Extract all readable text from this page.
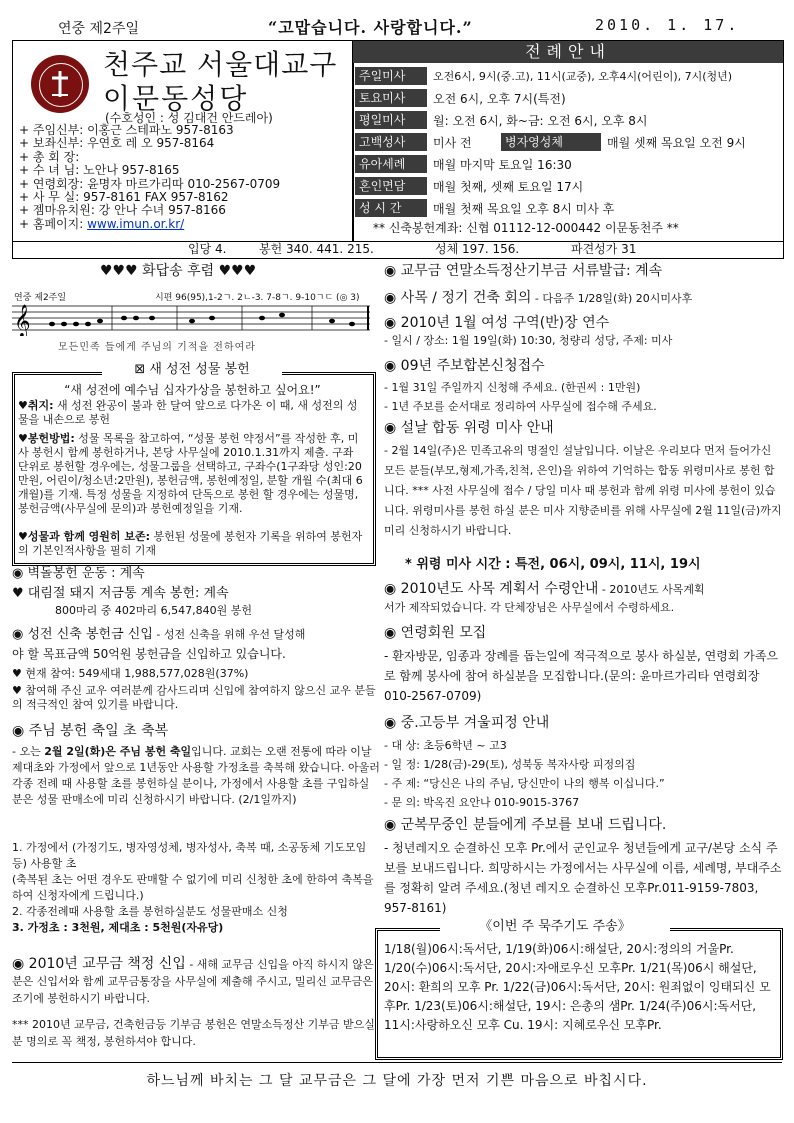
연중 제2주일	“고맙습니다. 사랑합니다.”	2010. 1. 17.
천주교 서울대교구
이문동성당
(수호성인 : 성 김대건 안드레아)
+ 주임신부: 이홍근 스테파노 957-8163
+ 보좌신부: 우연호 레 오 957-8164
+ 총 회 장:
+ 수 녀 님: 노안나 957-8165
+ 연령회장: 윤명자 마르가리따 010-2567-0709
+ 사 무 실: 957-8161 FAX 957-8162
+ 젬마유치원: 강 안나 수녀 957-8166
+ 홈페이지: www.imun.or.kr/
전례안내
주일미사	오전6시, 9시(중.고), 11시(교중), 오후4시(어린이), 7시(청년)
토요미사	오전 6시, 오후 7시(특전)
평일미사	월: 오전 6시, 화~금: 오전 6시, 오후 8시
고백성사	미사 전	병자영성체	매월 셋째 목요일 오전 9시
유아세례	매월 마지막 토요일 16:30
혼인면담	매월 첫째, 셋째 토요일 17시
성 시 간	매월 첫째 목요일 오후 8시 미사 후
** 신축봉헌계좌: 신협 01112-12-000442 이문동천주 **
입당 4.	봉헌 340. 441. 215.	성체 197. 156.	파견성가 31
♥♥♥ 화답송 후렴 ♥♥♥
연중 제2주일	시편 96(95),1-2ㄱ. 2ㄴ-3. 7-8ㄱ. 9-10ㄱㄷ (◎ 3)
𝄞
모든민족 들에게 주님의 기적을 전하여라
⊠ 새 성전 성물 봉헌
“새 성전에 예수님 십자가상을 봉헌하고 싶어요!”
♥취지: 새 성전 완공이 불과 한 달여 앞으로 다가온 이 때, 새 성전의 성물을 내손으로 봉헌
♥봉헌방법: 성물 목록을 참고하여, “성물 봉헌 약정서”를 작성한 후, 미사 봉헌시 함께 봉헌하거나, 본당 사무실에 2010.1.31까지 제출. 구좌 단위로 봉헌할 경우에는, 성물그룹을 선택하고, 구좌수(1구좌당 성인:20만원, 어린이/청소년:2만원), 봉헌금액, 봉헌예정일, 분할 개월 수(최대 6개월)를 기재. 특정 성물을 지정하여 단독으로 봉헌 할 경우에는 성물명, 봉헌금액(사무실에 문의)과 봉헌예정일을 기재.
♥성물과 함께 영원히 보존: 봉헌된 성물에 봉헌자 기록을 위하여 봉헌자의 기본인적사항을 필히 기재
◉ 벽돌봉헌 운동 : 계속
♥ 대림절 돼지 저금통 계속 봉헌: 계속
800마리 중 402마리 6,547,840원 봉헌
◉ 성전 신축 봉헌금 신입 - 성전 신축을 위해 우선 달성해
야 할 목표금액 50억원 봉헌금을 신입하고 있습니다.
♥ 현재 참여: 549세대 1,988,577,028원(37%)
♥ 참여해 주신 교우 여러분께 감사드리며 신입에 참여하지 않으신 교우 분들의 적극적인 참여 있기를 바랍니다.
◉ 주님 봉헌 축일 초 축복
- 오는 2월 2일(화)은 주님 봉헌 축일입니다. 교회는 오랜 전통에 따라 이날 제대초와 가정에서 앞으로 1년동안 사용할 가정초를 축복해 왔습니다. 아울러 각종 전례 때 사용할 초를 봉헌하실 분이나, 가정에서 사용할 초를 구입하실 분은 성물 판매소에 미리 신청하시기 바랍니다. (2/1일까지)
1. 가정에서 (가정기도, 병자영성체, 병자성사, 축복 때, 소공동체 기도모임 등) 사용할 초
(축복된 초는 어떤 경우도 판매할 수 없기에 미리 신청한 초에 한하여 축복을 하여 신청자에게 드립니다.)
2. 각종전례때 사용할 초를 봉헌하실분도 성물판매소 신청
3. 가정초 : 3천원, 제대초 : 5천원(자유당)
◉ 2010년 교무금 책정 신입 - 새해 교무금 신입을 아직 하시지 않은 분은 신입서와 함께 교무금통장을 사무실에 제출해 주시고, 밀리신 교무금은 조기에 봉헌하시기 바랍니다.
*** 2010년 교무금, 건축헌금등 기부금 봉헌은 연말소득정산 기부금 받으실 분 명의로 꼭 책정, 봉헌하셔야 합니다.
◉ 교무금 연말소득정산기부금 서류발급: 계속
◉ 사목 / 정기 건축 회의 - 다음주 1/28일(화) 20시미사후
◉ 2010년 1월 여성 구역(반)장 연수
- 일시 / 장소: 1월 19일(화) 10:30, 청량리 성당, 주제: 미사
◉ 09년 주보합본신청접수
- 1월 31일 주일까지 신청해 주세요. (한권씨 : 1만원)
- 1년 주보를 순서대로 정리하여 사무실에 접수해 주세요.
◉ 설날 합동 위령 미사 안내
- 2월 14일(주)은 민족고유의 명절인 설날입니다. 이날은 우리보다 먼저 들어가신 모든 분들(부모,형제,가족,친척, 은인)을 위하여 기억하는 합동 위령미사로 봉헌 합니다. *** 사전 사무실에 접수 / 당일 미사 때 봉헌과 함께 위령 미사에 봉헌이 있습니다. 위령미사를 봉헌 하실 분은 미사 지향준비를 위해 사무실에 2월 11일(금)까지 미리 신청하시기 바랍니다.
* 위령 미사 시간 : 특전, 06시, 09시, 11시, 19시
◉ 2010년도 사목 계획서 수령안내 - 2010년도 사목계획
서가 제작되었습니다. 각 단체장님은 사무실에서 수령하세요.
◉ 연령회원 모집
- 환자방문, 임종과 장례를 돕는일에 적극적으로 봉사 하실분, 연령회 가족으로 함께 봉사에 참여 하실분을 모집합니다.(문의: 윤마르가리타 연령회장 010-2567-0709)
◉ 중.고등부 겨울피정 안내
- 대 상: 초등6학년 ~ 고3
- 일 정: 1/28(금)-29(토), 성북동 복자사랑 피정의집
- 주 제: “당신은 나의 주님, 당신만이 나의 행복 이십니다.”
- 문 의: 박옥진 요안나 010-9015-3767
◉ 군복무중인 분들에게 주보를 보내 드립니다.
- 청년레지오 순결하신 모후 Pr.에서 군인교우 청년들에게 교구/본당 소식 주보를 보내드립니다. 희망하시는 가정에서는 사무실에 이름, 세례명, 부대주소를 정확히 알려 주세요.(청년 레지오 순결하신 모후Pr.011-9159-7803, 957-8161)
《이번 주 묵주기도 주송》
1/18(월)06시:독서단, 1/19(화)06시:해설단, 20시:정의의 거울Pr. 1/20(수)06시:독서단, 20시:자애로우신 모후Pr. 1/21(목)06시 해설단, 20시: 환희의 모후 Pr. 1/22(금)06시:독서단, 20시: 원죄없이 잉태되신 모후Pr. 1/23(토)06시:해설단, 19시: 은총의 샘Pr. 1/24(주)06시:독서단, 11시:사랑하오신 모후 Cu. 19시: 지혜로우신 모후Pr.
하느님께 바치는 그 달 교무금은 그 달에 가장 먼저 기쁜 마음으로 바칩시다.
